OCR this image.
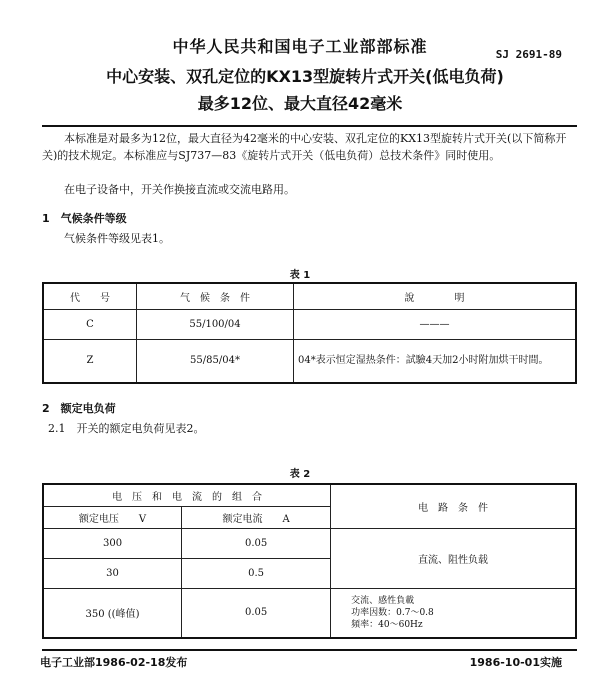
中华人民共和国电子工业部部标准	SJ 2691-89
中心安装、双孔定位的KX13型旋转片式开关(低电负荷)
最多12位、最大直径42毫米
本标准是对最多为12位，最大直径为42毫米的中心安装、双孔定位的KX13型旋转片式开关(以下简称开关)的技术规定。本标准应与SJ737—83《旋转片式开关（低电负荷）总技术条件》同时使用。
在电子设备中，开关作换接直流或交流电路用。
1　气候条件等级
气候条件等级见表1。
表 1
代　　号	气　候　条　件	說　　　　明
C	55/100/04	———
Z	55/85/04*	04*表示恒定湿热条件：試驗4天加2小时附加烘干时間。
2　额定电负荷
2.1　开关的额定电负荷见表2。
表 2
电　压　和　电　流　的　组　合		电　路　条　件
额定电压　　V	额定电流　　A	
300	0.05	直流、阻性负载
30	0.5	
350 ((峰值)	0.05	交流、感性負載
功率因数：0.7～0.8
頻率：40～60Hz
电子工业部1986-02-18发布	1986-10-01实施
